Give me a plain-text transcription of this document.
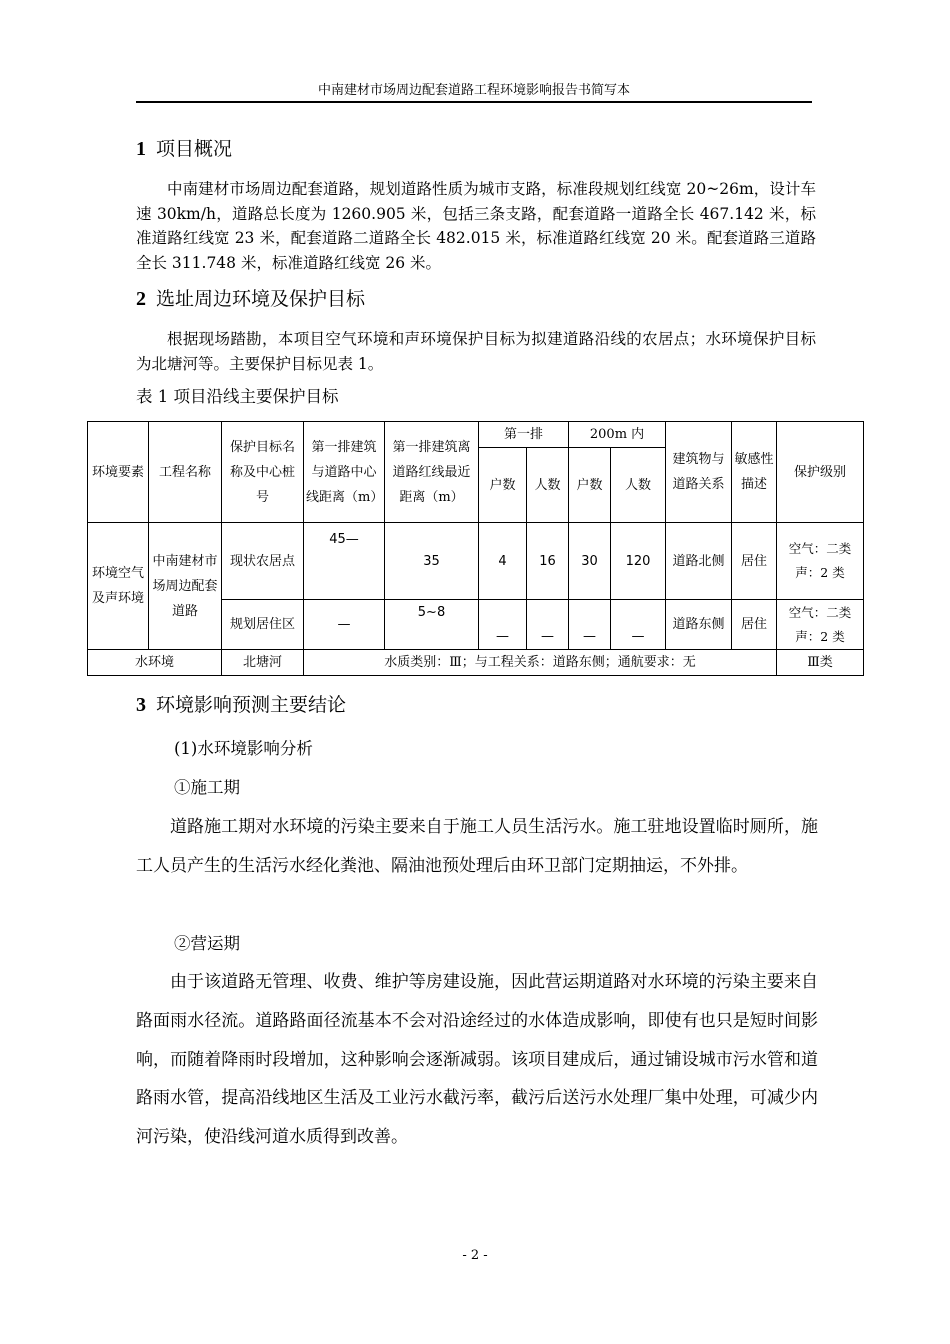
中南建材市场周边配套道路工程环境影响报告书简写本
1 项目概况
中南建材市场周边配套道路，规划道路性质为城市支路，标准段规划红线宽 20~26m，设计车速 30km/h，道路总长度为 1260.905 米，包括三条支路，配套道路一道路全长 467.142 米，标准道路红线宽 23 米，配套道路二道路全长 482.015 米，标准道路红线宽 20 米。配套道路三道路全长 311.748 米，标准道路红线宽 26 米。
2 选址周边环境及保护目标
根据现场踏勘，本项目空气环境和声环境保护目标为拟建道路沿线的农居点；水环境保护目标为北塘河等。主要保护目标见表 1。
表 1 项目沿线主要保护目标
环境要素	工程名称	保护目标名称及中心桩号	第一排建筑与道路中心线距离（m）	第一排建筑离道路红线最近距离（m）	第一排		200m 内		建筑物与道路关系	敏感性描述	保护级别
					户数	人数	户数	人数			

环境空气及声环境	中南建材市场周边配套道路	现状农居点	45—	35	4	16	30	120	道路北侧	居住	空气：二类
声：2 类

		规划居住区	—	5~8	—	—	—	—	道路东侧	居住	空气：二类
声：2 类

水环境		北塘河	水质类别：Ⅲ；与工程关系：道路东侧；通航要求：无								Ⅲ类
3 环境影响预测主要结论
(1)水环境影响分析
①施工期
道路施工期对水环境的污染主要来自于施工人员生活污水。施工驻地设置临时厕所，施工人员产生的生活污水经化粪池、隔油池预处理后由环卫部门定期抽运，不外排。
②营运期
由于该道路无管理、收费、维护等房建设施，因此营运期道路对水环境的污染主要来自路面雨水径流。道路路面径流基本不会对沿途经过的水体造成影响，即使有也只是短时间影响，而随着降雨时段增加，这种影响会逐渐减弱。该项目建成后，通过铺设城市污水管和道路雨水管，提高沿线地区生活及工业污水截污率，截污后送污水处理厂集中处理，可减少内河污染，使沿线河道水质得到改善。
- 2 -
